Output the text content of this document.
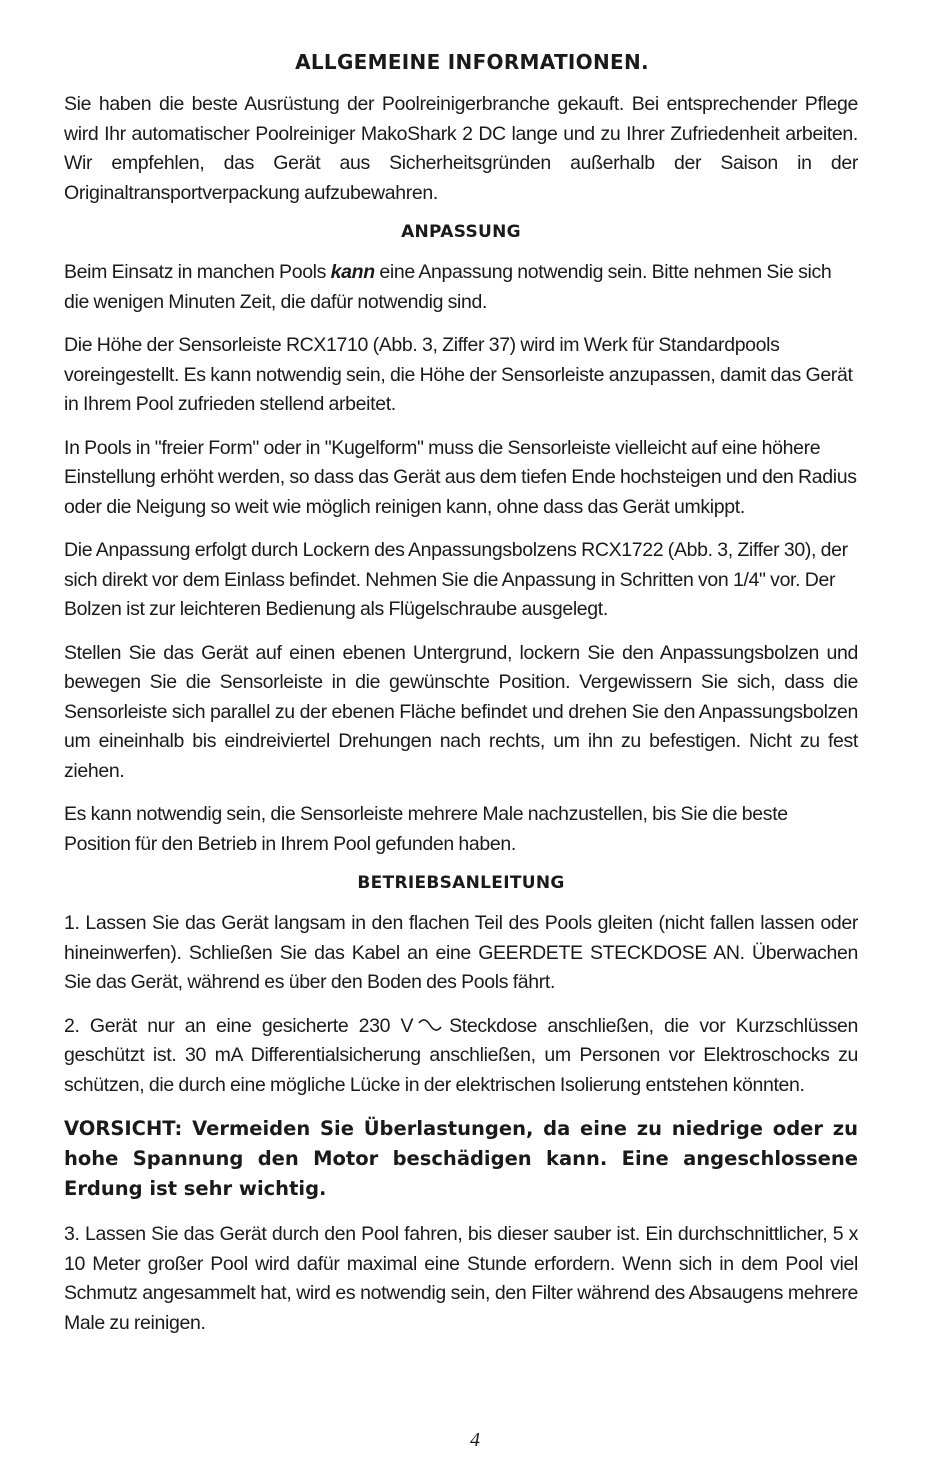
ALLGEMEINE INFORMATIONEN.

Sie haben die beste Ausrüstung der Poolreinigerbranche gekauft. Bei entsprechender Pflege wird Ihr automatischer Poolreiniger MakoShark 2 DC lange und zu Ihrer Zufriedenheit arbeiten. Wir empfehlen, das Gerät aus Sicherheitsgründen außerhalb der Saison in der Originaltransportverpackung aufzubewahren.

ANPASSUNG

Beim Einsatz in manchen Pools kann eine Anpassung notwendig sein. Bitte nehmen Sie sich die wenigen Minuten Zeit, die dafür notwendig sind.

Die Höhe der Sensorleiste RCX1710 (Abb. 3, Ziffer 37) wird im Werk für Standardpools voreingestellt. Es kann notwendig sein, die Höhe der Sensorleiste anzupassen, damit das Gerät in Ihrem Pool zufrieden stellend arbeitet.

In Pools in "freier Form" oder in "Kugelform" muss die Sensorleiste vielleicht auf eine höhere Einstellung erhöht werden, so dass das Gerät aus dem tiefen Ende hochsteigen und den Radius oder die Neigung so weit wie möglich reinigen kann, ohne dass das Gerät umkippt.

Die Anpassung erfolgt durch Lockern des Anpassungsbolzens RCX1722 (Abb. 3, Ziffer 30), der sich direkt vor dem Einlass befindet. Nehmen Sie die Anpassung in Schritten von 1/4" vor. Der Bolzen ist zur leichteren Bedienung als Flügelschraube ausgelegt.

Stellen Sie das Gerät auf einen ebenen Untergrund, lockern Sie den Anpassungsbolzen und bewegen Sie die Sensorleiste in die gewünschte Position. Vergewissern Sie sich, dass die Sensorleiste sich parallel zu der ebenen Fläche befindet und drehen Sie den Anpassungsbolzen um eineinhalb bis eindreiviertel Drehungen nach rechts, um ihn zu befestigen. Nicht zu fest ziehen.

Es kann notwendig sein, die Sensorleiste mehrere Male nachzustellen, bis Sie die beste Position für den Betrieb in Ihrem Pool gefunden haben.

BETRIEBSANLEITUNG

1. Lassen Sie das Gerät langsam in den flachen Teil des Pools gleiten (nicht fallen lassen oder hineinwerfen). Schließen Sie das Kabel an eine GEERDETE STECKDOSE AN. Überwachen Sie das Gerät, während es über den Boden des Pools fährt.

2. Gerät nur an eine gesicherte 230 V Steckdose anschließen, die vor Kurzschlüssen geschützt ist. 30 mA Differentialsicherung anschließen, um Personen vor Elektroschocks zu schützen, die durch eine mögliche Lücke in der elektrischen Isolierung entstehen könnten.

VORSICHT: Vermeiden Sie Überlastungen, da eine zu niedrige oder zu hohe Spannung den Motor beschädigen kann. Eine angeschlossene Erdung ist sehr wichtig.

3. Lassen Sie das Gerät durch den Pool fahren, bis dieser sauber ist. Ein durchschnittlicher, 5 x 10 Meter großer Pool wird dafür maximal eine Stunde erfordern. Wenn sich in dem Pool viel Schmutz angesammelt hat, wird es notwendig sein, den Filter während des Absaugens mehrere Male zu reinigen.

4
